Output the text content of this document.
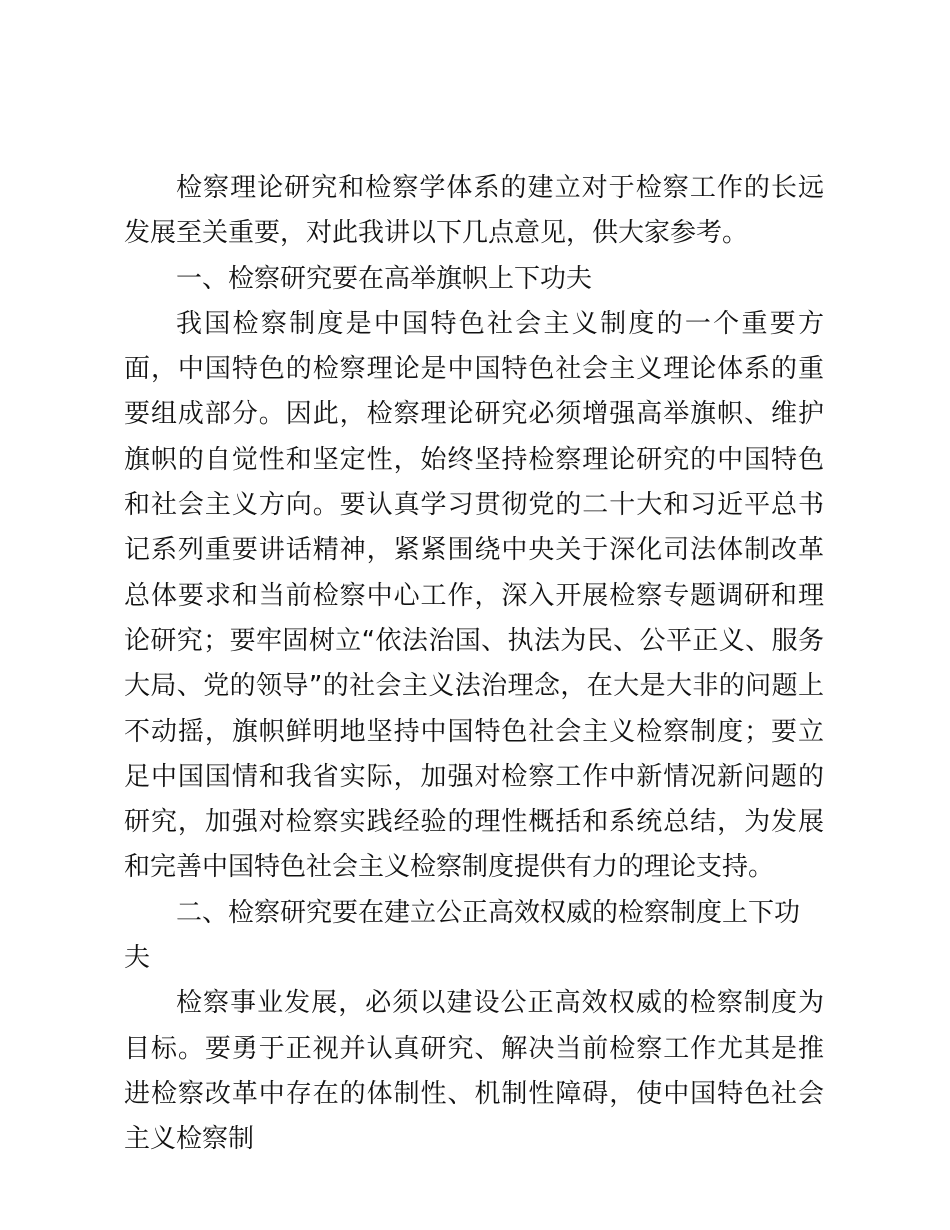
检察理论研究和检察学体系的建立对于检察工作的长远发展至关重要，对此我讲以下几点意见，供大家参考。

一、检察研究要在高举旗帜上下功夫

我国检察制度是中国特色社会主义制度的一个重要方面，中国特色的检察理论是中国特色社会主义理论体系的重要组成部分。因此，检察理论研究必须增强高举旗帜、维护旗帜的自觉性和坚定性，始终坚持检察理论研究的中国特色和社会主义方向。要认真学习贯彻党的二十大和习近平总书记系列重要讲话精神，紧紧围绕中央关于深化司法体制改革总体要求和当前检察中心工作，深入开展检察专题调研和理论研究；要牢固树立“依法治国、执法为民、公平正义、服务大局、党的领导”的社会主义法治理念，在大是大非的问题上不动摇，旗帜鲜明地坚持中国特色社会主义检察制度；要立足中国国情和我省实际，加强对检察工作中新情况新问题的研究，加强对检察实践经验的理性概括和系统总结，为发展和完善中国特色社会主义检察制度提供有力的理论支持。

二、检察研究要在建立公正高效权威的检察制度上下功夫

检察事业发展，必须以建设公正高效权威的检察制度为目标。要勇于正视并认真研究、解决当前检察工作尤其是推进检察改革中存在的体制性、机制性障碍，使中国特色社会主义检察制
